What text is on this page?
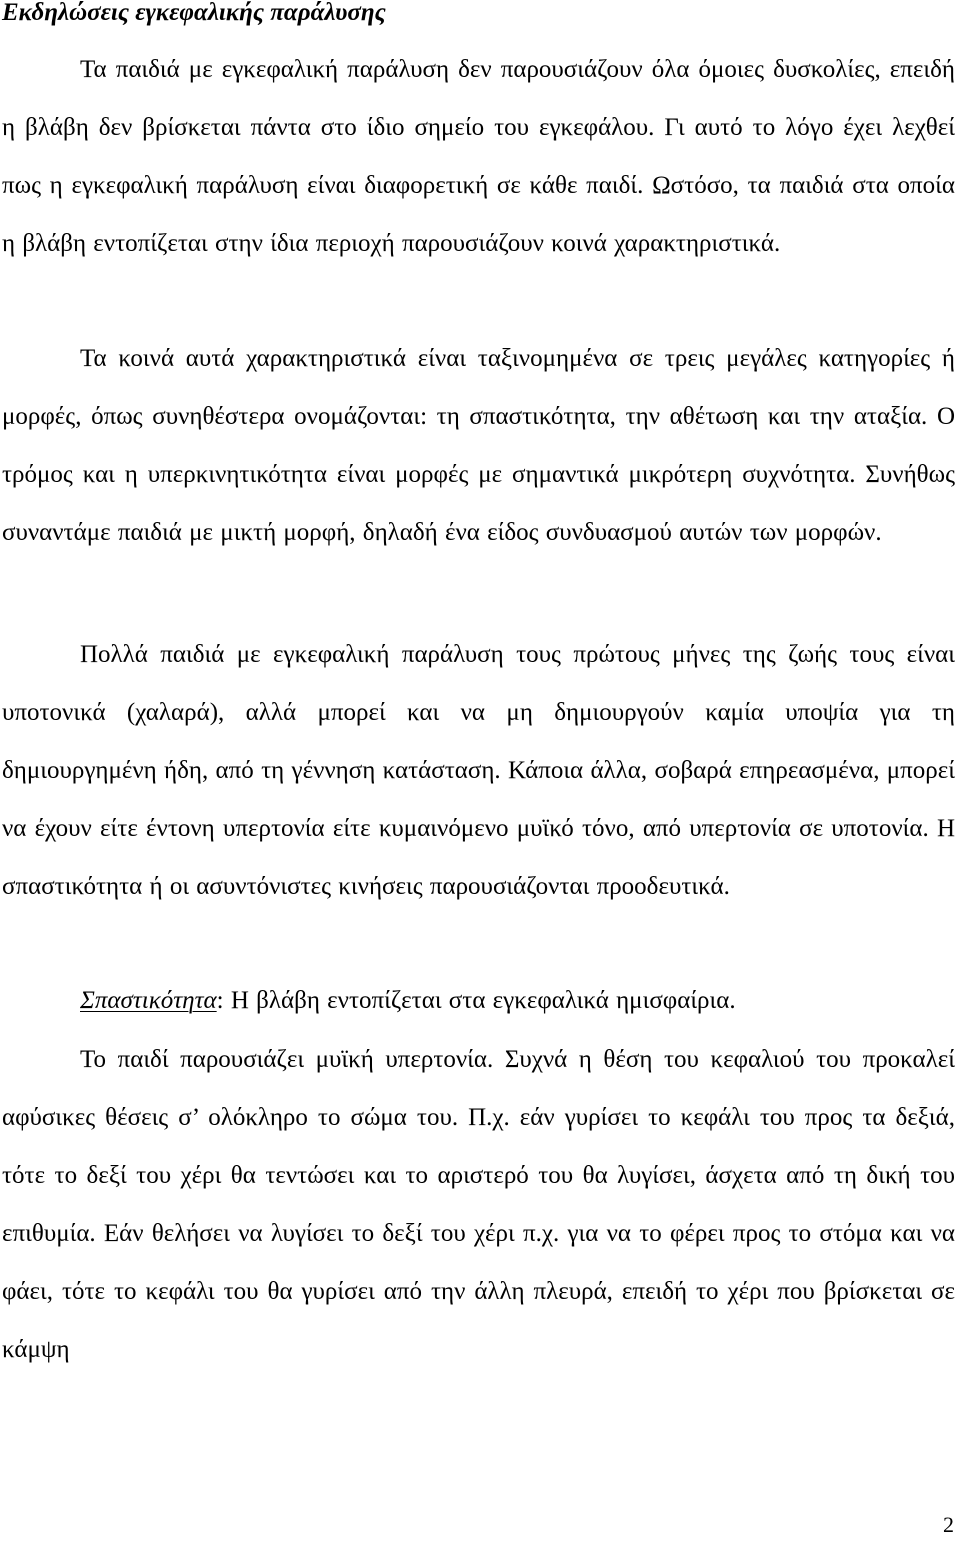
Εκδηλώσεις εγκεφαλικής παράλυσης

Τα παιδιά με εγκεφαλική παράλυση δεν παρουσιάζουν όλα όμοιες δυσκολίες, επειδή η βλάβη δεν βρίσκεται πάντα στο ίδιο σημείο του εγκεφάλου. Γι αυτό το λόγο έχει λεχθεί πως η εγκεφαλική παράλυση είναι διαφορετική σε κάθε παιδί. Ωστόσο, τα παιδιά στα οποία η βλάβη εντοπίζεται στην ίδια περιοχή παρουσιάζουν κοινά χαρακτηριστικά.

Τα κοινά αυτά χαρακτηριστικά είναι ταξινομημένα σε τρεις μεγάλες κατηγορίες ή μορφές, όπως συνηθέστερα ονομάζονται: τη σπαστικότητα, την αθέτωση και την αταξία. Ο τρόμος και η υπερκινητικότητα είναι μορφές με σημαντικά μικρότερη συχνότητα. Συνήθως συναντάμε παιδιά με μικτή μορφή, δηλαδή ένα είδος συνδυασμού αυτών των μορφών.

Πολλά παιδιά με εγκεφαλική παράλυση τους πρώτους μήνες της ζωής τους είναι υποτονικά (χαλαρά), αλλά μπορεί και να μη δημιουργούν καμία υποψία για τη δημιουργημένη ήδη, από τη γέννηση κατάσταση. Κάποια άλλα, σοβαρά επηρεασμένα, μπορεί να έχουν είτε έντονη υπερτονία είτε κυμαινόμενο μυϊκό τόνο, από υπερτονία σε υποτονία. Η σπαστικότητα ή οι ασυντόνιστες κινήσεις παρουσιάζονται προοδευτικά.

Σπαστικότητα: Η βλάβη εντοπίζεται στα εγκεφαλικά ημισφαίρια.

Το παιδί παρουσιάζει μυϊκή υπερτονία. Συχνά η θέση του κεφαλιού του προκαλεί αφύσικες θέσεις σ’ ολόκληρο το σώμα του. Π.χ. εάν γυρίσει το κεφάλι του προς τα δεξιά, τότε το δεξί του χέρι θα τεντώσει και το αριστερό του θα λυγίσει, άσχετα από τη δική του επιθυμία. Εάν θελήσει να λυγίσει το δεξί του χέρι π.χ. για να το φέρει προς το στόμα και να φάει, τότε το κεφάλι του θα γυρίσει από την άλλη πλευρά, επειδή το χέρι που βρίσκεται σε κάμψη

2
